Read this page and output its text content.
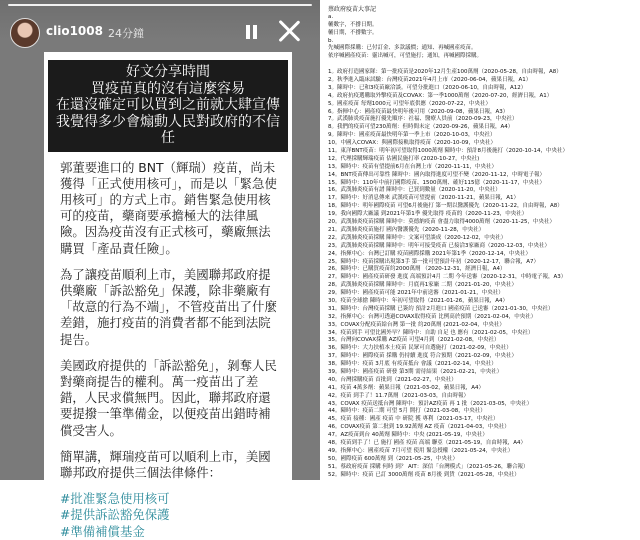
clio1008 24分鐘
好文分享時間
買疫苗真的沒有這麼容易
在還沒確定可以買到之前就大肆宣傳
我覺得多少會煽動人民對政府的不信任

郭董要進口的 BNT（輝瑞）疫苗，尚未獲得「正式使用核可」，而是以「緊急使用核可」的方式上市。銷售緊急使用核可的疫苗，藥商要承擔極大的法律風險。因為疫苗沒有正式核可，藥廠無法購買「產品責任險」。

為了讓疫苗順利上市，美國聯邦政府提供藥廠「訴訟豁免」保護，除非藥廠有「故意的行為不端」，不管疫苗出了什麼差錯，施打疫苗的消費者都不能到法院提告。

美國政府提供的「訴訟豁免」，剝奪人民對藥商提告的權利。萬一疫苗出了差錯，人民求償無門。因此，聯邦政府還要提撥一筆準備金，以便疫苗出錯時補償受害人。

簡單講，輝瑞疫苗可以順利上市，美國聯邦政府提供三個法律條件：

#批准緊急使用核可
#提供訴訟豁免保護
#準備補償基金
蔡政府疫苗大事記
a.
輔數字，不撐日期。
輔日期，不撐數字。
b.
先喊國際採購：已付訂金、多款議價；通知、再喊國產疫苗。
依序喊國產疫苗：靈出喊可，可望施打；通知，再喊國際採購。
1。政府打造國家隊：第一批疫苗是2020年12月生產100萬劑（2020-05-28，自由時報，A8）
2。秋季進入臨床試驗：台灣疫苗2021年4月上市（2020-06-04，蘋果日報，A1）
3。陳時中：已和3疫苗廠洽談。可望分批進口（2020-06-10，自由時報，A12）
4。政府抗疫選購取外擊疫苗及COVAX：第一季1000萬劑（2020-07-20，經濟日報，A1）
5。國產疫苗 每劑1000元 可望年底供應（2020-07-22，中央社）
6。指揮中心：國產疫苗最快明年後可用（2020-09-08，蘋果日報，A3）
7。武漢肺炎疫苗施打優先順序：社福、醫療人員前（2020-09-23，中央社）
8。我們的疫苗可望230萬劑：但時間未定（2020-09-26，蘋果日報，A4）
9。陳時中：國產疫苗最快明年第一季上市（2020-10-03，中央社）
10。中國入COVAX：與國際接軌取得疫苗（2020-10-09，中央社）
11。東洋BNT疫苗：明年初可望取得1000萬劑 陳時中：預計8月後施打（2020-10-14，中央社）
12。代理採購輝瑞疫苗 估國民施打率 (2020-10-27，中央社)
13。陳時中：疫苗有望提前6月在台灣上市（2020-11-11，中央社）
14。BNT疫苗傳出可靠性 陳時中：國內取得進度可望不變（2020-11-12，中時電子報）
15。陳時中：110年中前打國際疫苗、1500萬劑、確好115億（2020-11-17，中央社）
16。武漢肺炎疫苗有譜 陳時中：已買到數量（2020-11-20，中央社）
17。陳時中：好消息傳來 武漢疫苗可望提前（2020-11-21，蘋果日報，A1）
18。陳時中：明年國際疫苗 可望6月後施打 第一期以醫護優先（2020-11-22，自由時報，A8）
19。我向國際大廠議 到2021年第1季 優先取得 疫苗的（2020-11-23，中央社）
20。武漢肺炎疫苗採購 陳時中：莫德納疫苗 會盡力取得4000萬劑（2020-11-25，中央社）
21。武漢肺炎疫苗施打 國內醫護優先（2020-11-28，中央社）
22。武漢肺炎疫苗採購 陳時中：文案可望談成（2020-12-02，中央社）
23。武漢肺炎疫苗採購 陳時中：明年可接受疫苗 已接洽3家廠商（2020-12-03，中央社）
24。指揮中心：台灣已訂購 疫苗國際採購 2021年第1季（2020-12-14，中央社）
25。陳時中：疫苗採購出現第3手 第一批可望預計年初（2020-12-17，聯合報，A7）
26。陳時中：已購買疫苗約2000萬劑 （2020-12-31，經濟日報，A4）
27。陳時中：國產疫苗研發 進度 高端預計4月 二期 今年送審（2020-12-31，中時電子報，A3）
28。武漢肺炎疫苗採購 陳時中：月底再1家廠 二期（2021-01-20，中央社）
29。陳時中：國產疫苗可能 2021年中前送審（2021-01-21，中央社）
30。疫苗全球搶 陳時中：年初可望取得（2021-01-26，蘋果日報，A4）
31。陳時中：台灣疫苗採購 已簽約 預計2月進口 國產疫苗 已送審（2021-01-30，中央社）
32。指揮中心：台灣可透過COVAX取得疫苗 比例高於預期（2021-02-04，中央社）
33。COVAX分配疫苗給台灣 第一批 約20萬劑 (2021-02-04，中央社）
34。疫苗到手 可望比國外早？陳時中：自助 自足 也 應有（2021-02-05，中央社）
35。台灣向COVAX採購 AZ疫苗 可望4月到（2021-02-08，中央社）
36。陳時中：大力扶植本土疫苗 民眾可自選施打（2021-02-09，中央社）
37。陳時中：國際疫苗 採購 仍持續 進度 符合預期（2021-02-09，中央社）
38。陳時中：疫苗 3月底 有疫苗抵台 會議（2021-02-14，中央社）
39。陳時中：國產疫苗 研發 第3期 需待結果（2021-02-21，中央社）
40。台灣採購疫苗 首批到（2021-02-27，中央社）
41。疫苗 4萬多劑：蘋果日報（2021-03-02，蘋果日報，A4）
42。疫苗 到手了！11.7萬劑（2021-03-03，自由時報）
43。COVAX 疫苗送抵台灣 陳時中：預計AZ疫苗 再 1 批（2021-03-05，中央社）
44。陳時中：疫苗二期 可望 5月 開打（2021-03-08，中央社）
45。疫苗 接種：國產 疫苗 中 研院 獲 專利（2021-03-17，中央社）
46。COVAX疫苗 第二批到 19.92萬劑 AZ 疫苗（2021-04-03，中央社）
47。AZ疫苗到台 40萬劑 陳時中：中央 (2021-05-19，中央社）
48。疫苗到手了！已 施打 國產 疫苗 高端 聯亞（2021-05-19，自由時報，A4）
49。指揮中心：國產疫苗 7月可望 使用 緊急授權（2021-05-24，中央社）
50。國際疫苗 600萬劑 到（2021-05-25，中央社）
51。蔡政府疫苗 採購 何時 到？ AIT：深信「台灣模式」（2021-05-26，聯合報）
52。陳時中：疫苗 已訂 3000萬劑 疫苗 8月後 到貨（2021-05-28，中央社）
